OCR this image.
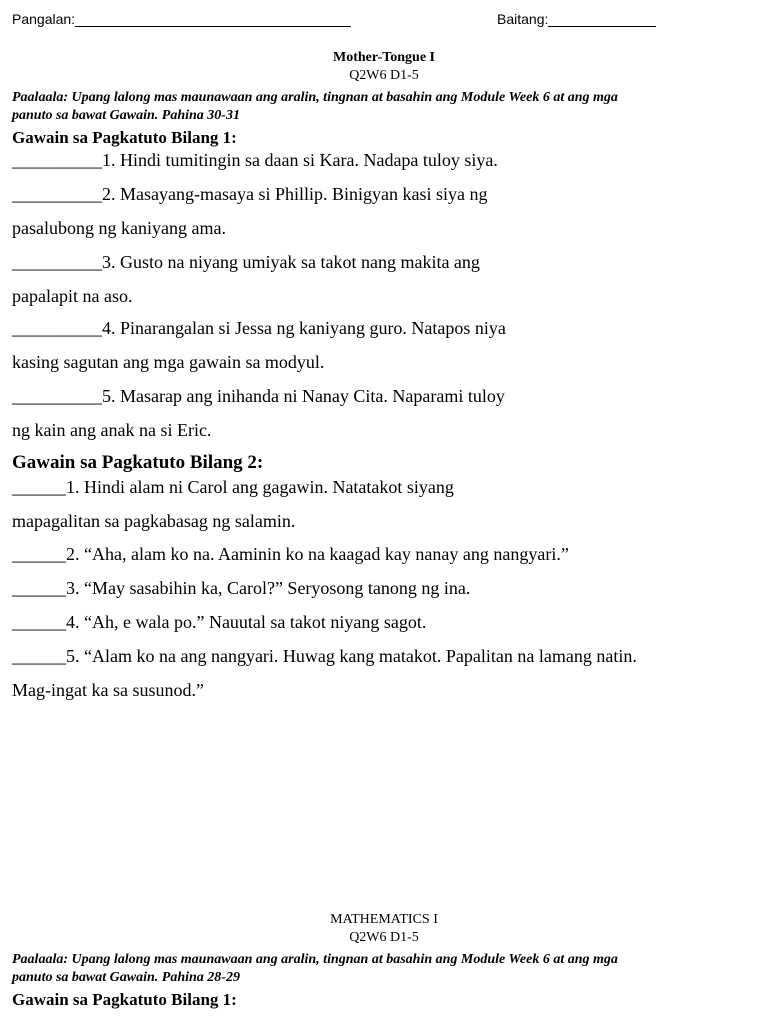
Pangalan:	Baitang:
Mother-Tongue I
Q2W6 D1-5
Paalaala: Upang lalong mas maunawaan ang aralin, tingnan at basahin ang Module Week 6 at ang mga
panuto sa bawat Gawain. Pahina 30-31
Gawain sa Pagkatuto Bilang 1:
__________1. Hindi tumitingin sa daan si Kara. Nadapa tuloy siya.
__________2. Masayang-masaya si Phillip. Binigyan kasi siya ng
pasalubong ng kaniyang ama.
__________3. Gusto na niyang umiyak sa takot nang makita ang
papalapit na aso.
__________4. Pinarangalan si Jessa ng kaniyang guro. Natapos niya
kasing sagutan ang mga gawain sa modyul.
__________5. Masarap ang inihanda ni Nanay Cita. Naparami tuloy
ng kain ang anak na si Eric.
Gawain sa Pagkatuto Bilang 2:
______1. Hindi alam ni Carol ang gagawin. Natatakot siyang
mapagalitan sa pagkabasag ng salamin.
______2. “Aha, alam ko na. Aaminin ko na kaagad kay nanay ang nangyari.”
______3. “May sasabihin ka, Carol?” Seryosong tanong ng ina.
______4. “Ah, e wala po.” Nauutal sa takot niyang sagot.
______5. “Alam ko na ang nangyari. Huwag kang matakot. Papalitan na lamang natin.
Mag-ingat ka sa susunod.”
MATHEMATICS I
Q2W6 D1-5
Paalaala: Upang lalong mas maunawaan ang aralin, tingnan at basahin ang Module Week 6 at ang mga
panuto sa bawat Gawain. Pahina 28-29
Gawain sa Pagkatuto Bilang 1:
